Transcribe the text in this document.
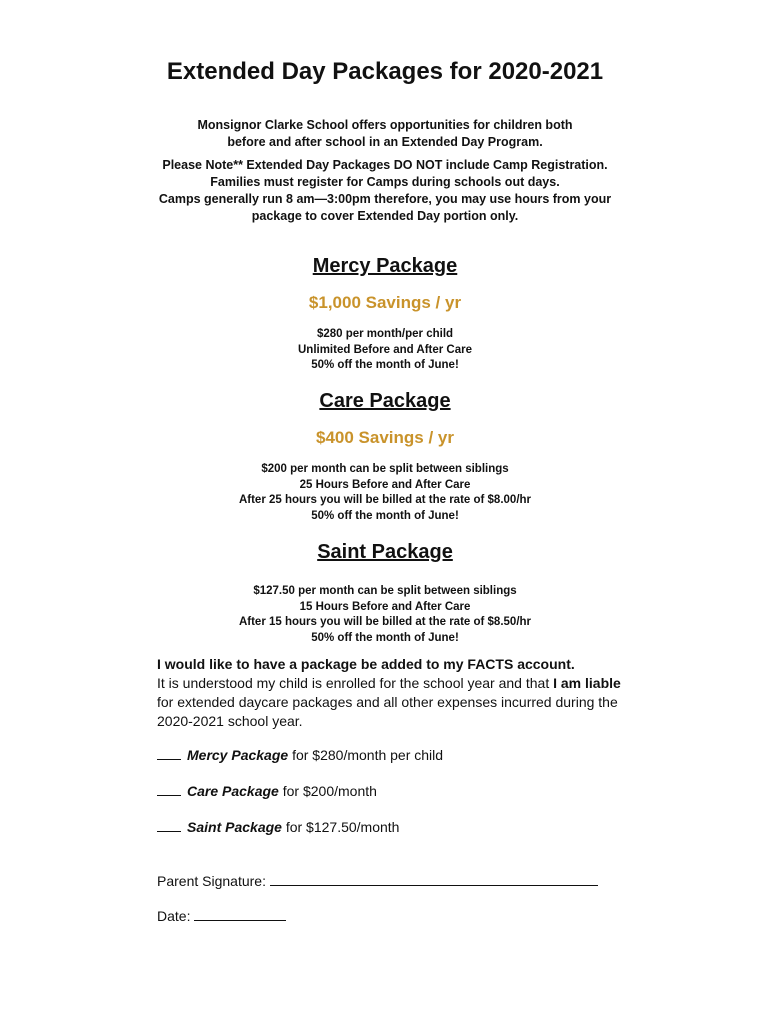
Extended Day Packages for 2020-2021
Monsignor Clarke School offers opportunities for children both
before and after school in an Extended Day Program.
Please Note** Extended Day Packages DO NOT include Camp Registration.
Families must register for Camps during schools out days.
Camps generally run 8 am—3:00pm therefore, you may use hours from your
package to cover Extended Day portion only.
Mercy Package
$1,000 Savings / yr
$280 per month/per child
Unlimited Before and After Care
50% off the month of June!
Care Package
$400 Savings / yr
$200 per month can be split between siblings
25 Hours Before and After Care
After 25 hours you will be billed at the rate of $8.00/hr
50% off the month of June!
Saint Package
$127.50 per month can be split between siblings
15 Hours Before and After Care
After 15 hours you will be billed at the rate of $8.50/hr
50% off the month of June!
I would like to have a package be added to my FACTS account.
It is understood my child is enrolled for the school year and that I am liable for extended daycare packages and all other expenses incurred during the 2020-2021 school year.
Mercy Package for $280/month per child
Care Package for $200/month
Saint Package for $127.50/month
Parent Signature:
Date:
